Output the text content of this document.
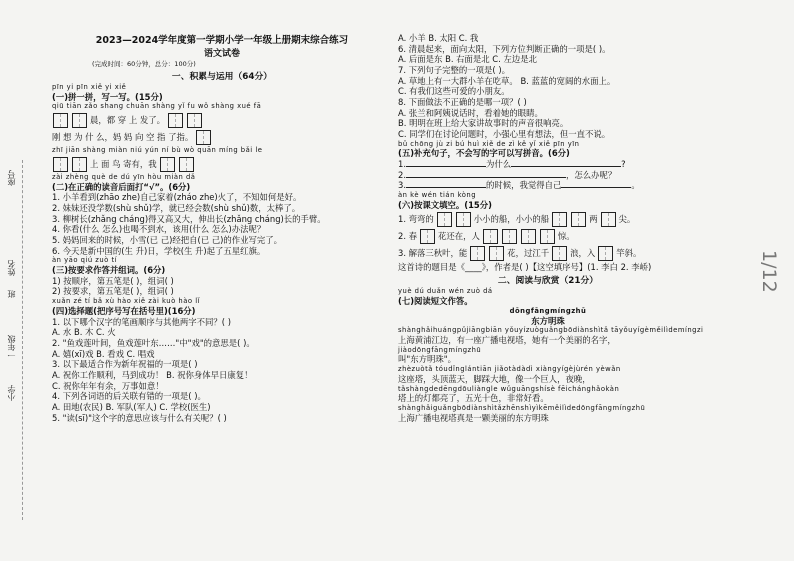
座号
姓名
班
一年级
小学
1/12
2023—2024学年度第一学期小学一年级上册期末综合练习
语文试卷
(完成时间：60分钟，总分：100分)
一、积累与运用（64分）
pīn yi pīn xiě yi xiě
(一)拼一拼，写一写。(15分)
qiū tiān zǎo shang chuān shàng yǐ fu wǒ shàng xué fā
晨，都 穿 上 发了。
刚 想 为 什 么，妈 妈 向 空 指 了指。
zhī jiān shàng miàn niú yún ní bù wò quān míng bǎi le
上 面 鸟 寄有，我
zài zhèng què de dú yīn hòu miàn dǎ
(二)在正确的读音后面打“√”。(6分)
1. 小羊看到(zhāo zhe)自己家着(zháo zhe)火了，不知如何是好。
2. 妹妹还没学数(shù shǔ)学，就已经会数(shù shǔ)数，太棒了。
3. 柳树长(zhǎng cháng)得又高又大，伸出长(zhǎng cháng)长的手臂。
4. 你看(什么 怎么)也喝不到水，该用(什么 怎么)办法呢？
5. 妈妈回来的时候，小雪(已 己)经把自(已 己)的作业写完了。
6. 今天是新中国的(生 升)日，学校(生 升)起了五星红旗。
àn yāo qiú zuò tí
(三)按要求作答并组词。(6分)
1) 按顺序，第五笔是( )，组词( )
2) 按要求，第五笔是( )，组词( )
xuǎn zé tí bǎ xù hào xiě zài kuò hào lǐ
(四)选择题(把序号写在括号里)(16分)
1. 以下哪个汉字的笔画顺序与其他两字不同？( )
A. 水 B. 木 C. 火
2. "鱼戏莲叶间，鱼戏莲叶东……"中"戏"的意思是( )。
A. 嬉(xī)戏 B. 看戏 C. 唱戏
3. 以下最适合作为新年祝福的一项是( )
A. 祝你工作顺利，马到成功！ B. 祝你身体早日康复！
C. 祝你年年有余，万事如意！
4. 下列各词语的后关联有错的一项是( )。
A. 田地(农民) B. 军队(军人) C. 学校(医生)
5. "读(sī)"这个字的意思应该与什么有关呢？( )
A. 小羊 B. 太阳 C. 我
6. 清晨起来，面向太阳，下列方位判断正确的一项是( )。
A. 后面是东 B. 右面是北 C. 左边是北
7. 下列句子完整的一项是( )。
A. 草地上有一大群小羊在吃草。 B. 蓝蓝的宽阔的水面上。
C. 有我们这些可爱的小朋友。
8. 下面做法不正确的是哪一项？( )
A. 张兰和阿姨说话时，看着她的眼睛。
B. 明明在班上给大家讲故事时的声音很响亮。
C. 同学们在讨论问题时，小强心里有想法，但一直不说。
bǔ chōng jù zi bú huì xiě de zì kě yǐ xiě pīn yīn
(五)补充句子，不会写的字可以写拼音。(6分)
1.	为什么	?
2.	，怎么办呢？
3.	的时候，我觉得自己	。
àn kè wén tián kòng
(六)按课文填空。(15分)
1. 弯弯的	小小的船，小小的船	两	尖。
2. 春	花还在，人	惊。
3. 解落三秋叶，能	花，过江千	浪，入	竿斜。
这首诗的题目是《____》，作者是( )【这空填序号】(1. 李白 2. 李峤)
二、阅读与欣赏（21分）
yuè dú duǎn wén zuò dá
(七)阅读短文作答。
dōngfāngmíngzhū
东方明珠
shànghǎihuángpǔjiāngbiān yǒuyízuòguǎngbōdiànshìtǎ tāyǒuyígèměilìdemíngzi
上海黄浦江边，有一座广播电视塔，她有一个美丽的名字，
jiàodōngfāngmíngzhū
叫"东方明珠"。
zhèzuòtǎ tóudǐnglántiān jiǎotàdàdì xiàngyígèjùrén yèwǎn
这座塔，头顶蓝天，脚踩大地，像一个巨人，夜晚，
tǎshàngdedēngdōuliàngle wǔguāngshísè fēichánghǎokàn
塔上的灯都亮了，五光十色，非常好看。
shànghǎiguǎngbōdiànshìtǎzhēnshìyìkēměilìdedōngfāngmíngzhū
上海广播电视塔真是一颗美丽的东方明珠
